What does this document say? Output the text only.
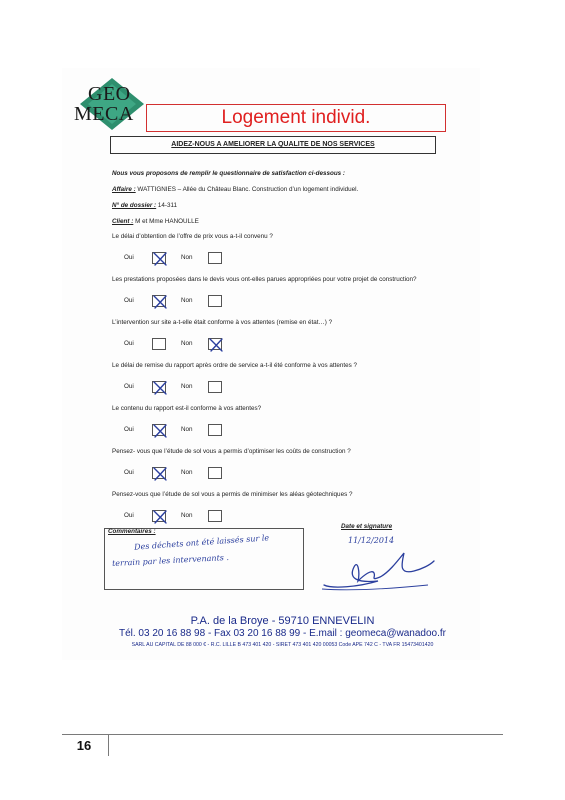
GEO
MECA	Logement individ.
AIDEZ-NOUS A AMELIORER LA QUALITE DE NOS SERVICES
Nous vous proposons de remplir le questionnaire de satisfaction ci-dessous :
Affaire : WATTIGNIES – Allée du Château Blanc. Construction d’un logement individuel.
N° de dossier : 14-311
Client : M et Mme HANOULLE
Le délai d’obtention de l’offre de prix vous a-t-il convenu ?
Les prestations proposées dans le devis vous ont-elles parues appropriées pour votre projet de construction?
L’intervention sur site a-t-elle était conforme à vos attentes (remise en état…) ?
Le délai de remise du rapport après ordre de service a-t-il été conforme à vos attentes ?
Le contenu du rapport est-il conforme à vos attentes?
Pensez- vous que l’étude de sol vous a permis d’optimiser les coûts de construction ?
Pensez-vous que l’étude de sol vous a permis de minimiser les aléas géotechniques ?
Oui	Non
Oui	Non
Oui	Non
Oui	Non
Oui	Non
Oui	Non
Oui	Non
Commentaires :
Des déchets ont été laissés sur le
terrain par les intervenants .
Date et signature
11/12/2014
P.A. de la Broye - 59710 ENNEVELIN
Tél. 03 20 16 88 98 - Fax 03 20 16 88 99 - E.mail : geomeca@wanadoo.fr
SARL AU CAPITAL DE 88 000 € - R.C. LILLE B 473 401 420 - SIRET 473 401 420 00053 Code APE 742 C - TVA FR 15473401420
16
